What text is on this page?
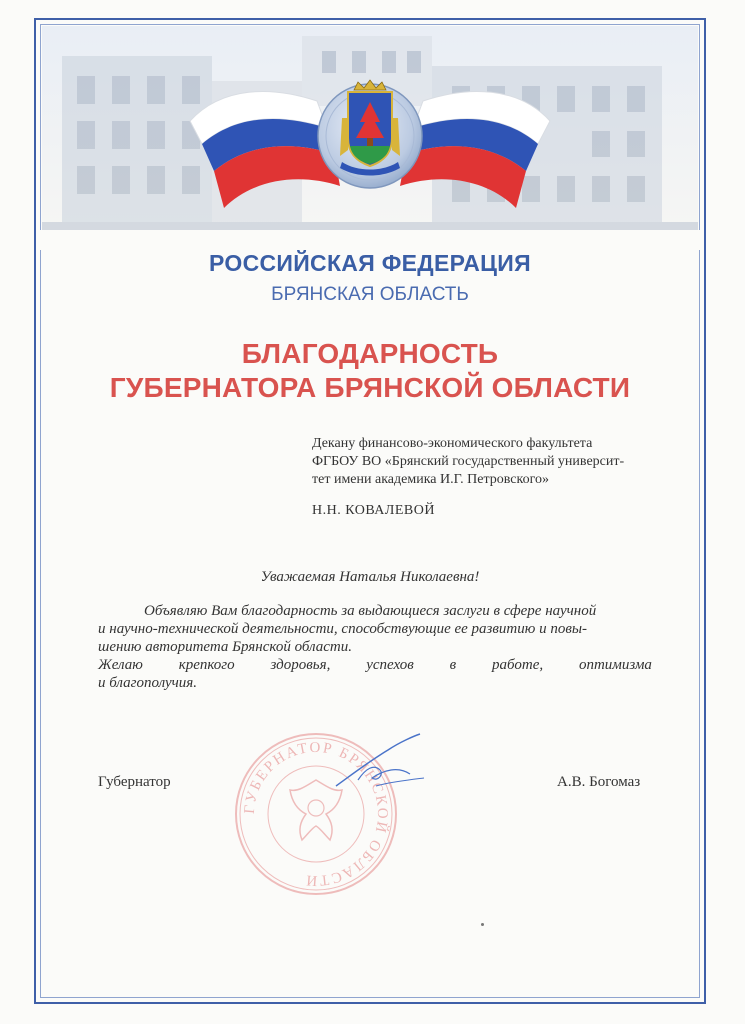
РОССИЙСКАЯ ФЕДЕРАЦИЯ
БРЯНСКАЯ ОБЛАСТЬ
БЛАГОДАРНОСТЬ
ГУБЕРНАТОРА БРЯНСКОЙ ОБЛАСТИ
Декану финансово-экономического факультета
ФГБОУ ВО «Брянский государственный университ-
тет имени академика И.Г. Петровского»
Н.Н. КОВАЛЕВОЙ
Уважаемая Наталья Николаевна!
Объявляю Вам благодарность за выдающиеся заслуги в сфере научной
и научно-технической деятельности, способствующие ее развитию и повы-
шению авторитета Брянской области.
Желаю крепкого здоровья, успехов в работе, оптимизма
и благополучия.
ГУБЕРНАТОР БРЯНСКОЙ ОБЛАСТИ
Губернатор	А.В. Богомаз
